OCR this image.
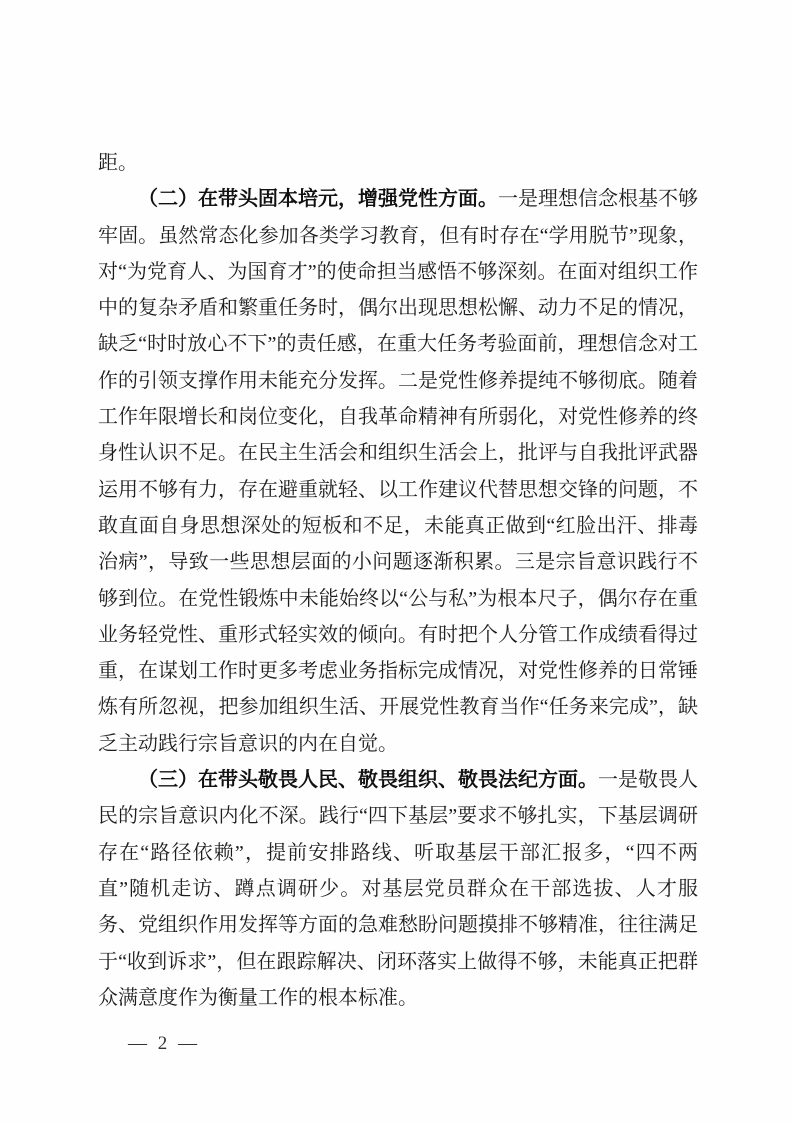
距。

（二）在带头固本培元，增强党性方面。一是理想信念根基不够牢固。虽然常态化参加各类学习教育，但有时存在“学用脱节”现象，对“为党育人、为国育才”的使命担当感悟不够深刻。在面对组织工作中的复杂矛盾和繁重任务时，偶尔出现思想松懈、动力不足的情况，缺乏“时时放心不下”的责任感，在重大任务考验面前，理想信念对工作的引领支撑作用未能充分发挥。二是党性修养提纯不够彻底。随着工作年限增长和岗位变化，自我革命精神有所弱化，对党性修养的终身性认识不足。在民主生活会和组织生活会上，批评与自我批评武器运用不够有力，存在避重就轻、以工作建议代替思想交锋的问题，不敢直面自身思想深处的短板和不足，未能真正做到“红脸出汗、排毒治病”，导致一些思想层面的小问题逐渐积累。三是宗旨意识践行不够到位。在党性锻炼中未能始终以“公与私”为根本尺子，偶尔存在重业务轻党性、重形式轻实效的倾向。有时把个人分管工作成绩看得过重，在谋划工作时更多考虑业务指标完成情况，对党性修养的日常锤炼有所忽视，把参加组织生活、开展党性教育当作“任务来完成”，缺乏主动践行宗旨意识的内在自觉。

（三）在带头敬畏人民、敬畏组织、敬畏法纪方面。一是敬畏人民的宗旨意识内化不深。践行“四下基层”要求不够扎实，下基层调研存在“路径依赖”，提前安排路线、听取基层干部汇报多，“四不两直”随机走访、蹲点调研少。对基层党员群众在干部选拔、人才服务、党组织作用发挥等方面的急难愁盼问题摸排不够精准，往往满足于“收到诉求”，但在跟踪解决、闭环落实上做得不够，未能真正把群众满意度作为衡量工作的根本标准。

— 2 —
